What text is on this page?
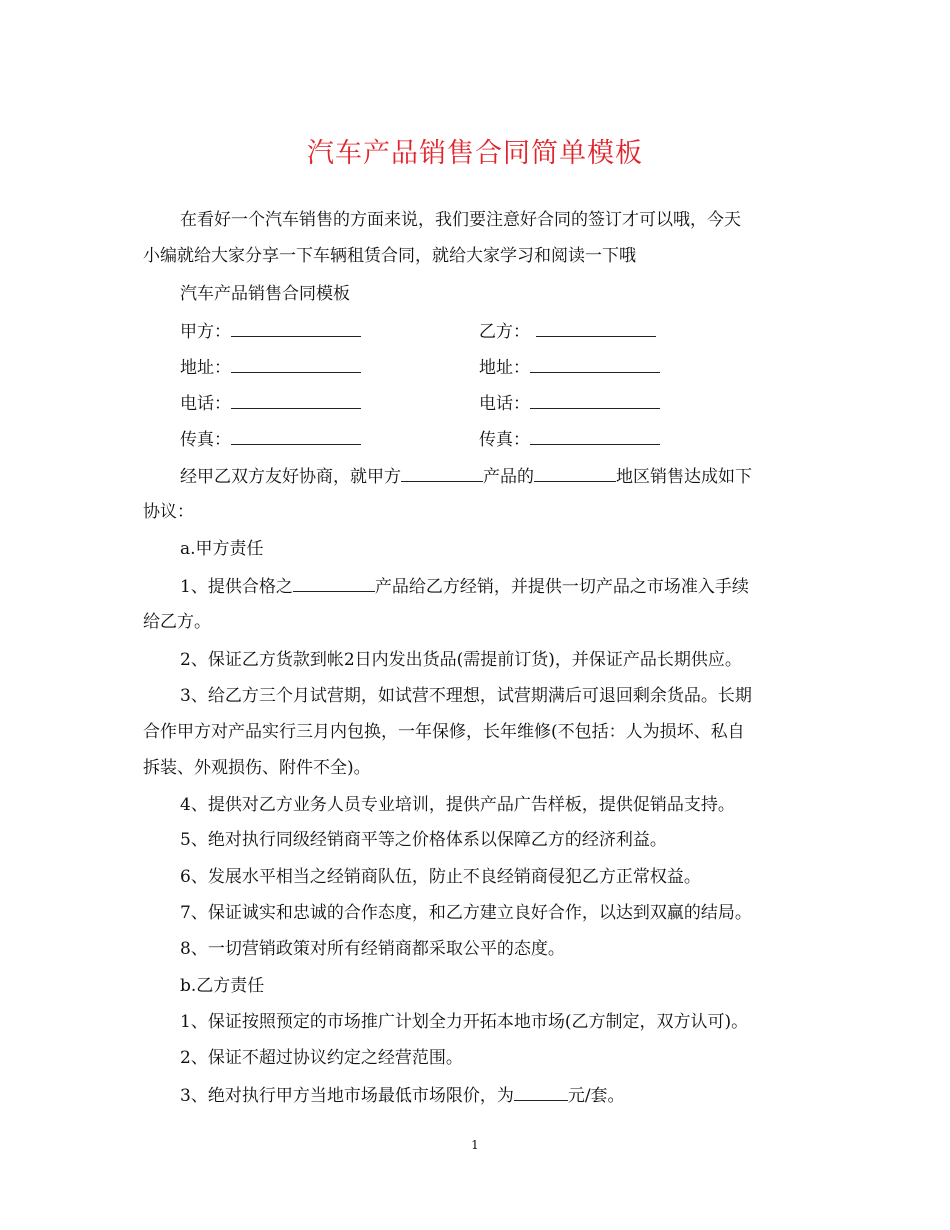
汽车产品销售合同简单模板
在看好一个汽车销售的方面来说，我们要注意好合同的签订才可以哦，今天
小编就给大家分享一下车辆租赁合同，就给大家学习和阅读一下哦
汽车产品销售合同模板
甲方：	乙方：
地址：	地址：
电话：	电话：
传真：	传真：
经甲乙双方友好协商，就甲方	产品的	地区销售达成如下
协议：
a.甲方责任
1、提供合格之	产品给乙方经销，并提供一切产品之市场准入手续
给乙方。
2、保证乙方货款到帐2日内发出货品(需提前订货)，并保证产品长期供应。
3、给乙方三个月试营期，如试营不理想，试营期满后可退回剩余货品。长期
合作甲方对产品实行三月内包换，一年保修，长年维修(不包括：人为损坏、私自
拆装、外观损伤、附件不全)。
4、提供对乙方业务人员专业培训，提供产品广告样板，提供促销品支持。
5、绝对执行同级经销商平等之价格体系以保障乙方的经济利益。
6、发展水平相当之经销商队伍，防止不良经销商侵犯乙方正常权益。
7、保证诚实和忠诚的合作态度，和乙方建立良好合作，以达到双赢的结局。
8、一切营销政策对所有经销商都采取公平的态度。
b.乙方责任
1、保证按照预定的市场推广计划全力开拓本地市场(乙方制定，双方认可)。
2、保证不超过协议约定之经营范围。
3、绝对执行甲方当地市场最低市场限价，为	元/套。
1
